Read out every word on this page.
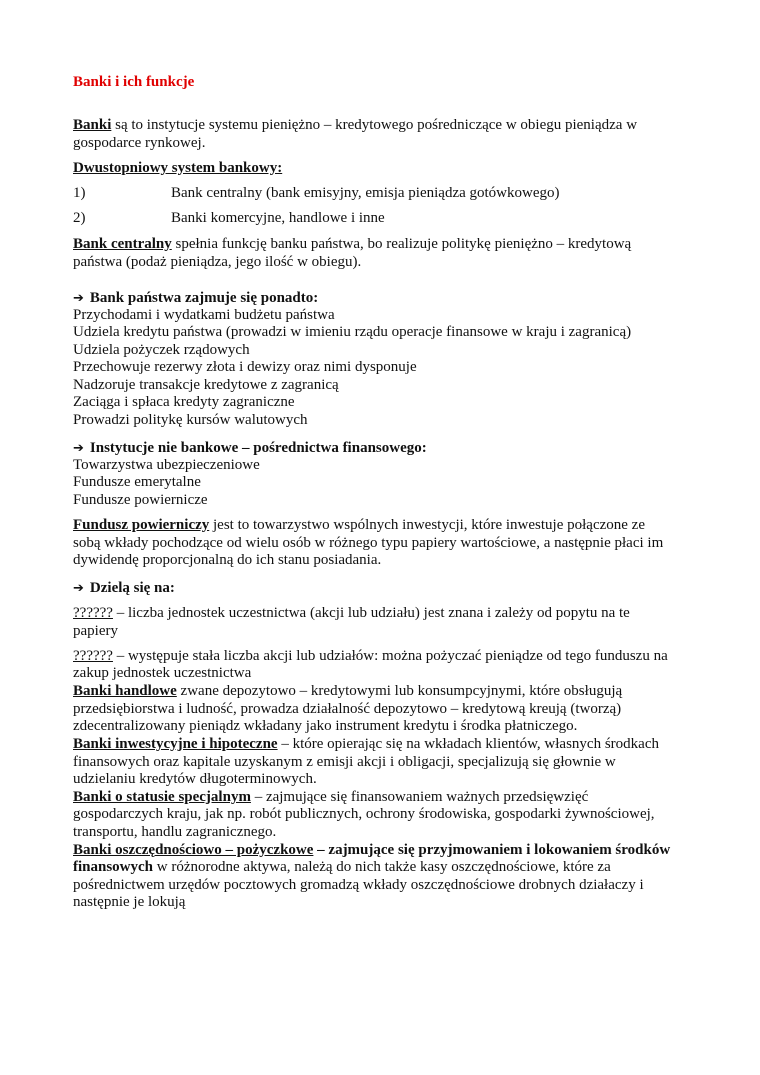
Banki i ich funkcje
Banki są to instytucje systemu pieniężno – kredytowego pośredniczące w obiegu pieniądza w
gospodarce rynkowej.
Dwustopniowy system bankowy:
1)	Bank centralny (bank emisyjny, emisja pieniądza gotówkowego)
2)	Banki komercyjne, handlowe i inne
Bank centralny spełnia funkcję banku państwa, bo realizuje politykę pieniężno – kredytową
państwa (podaż pieniądza, jego ilość w obiegu).
➔ Bank państwa zajmuje się ponadto:
Przychodami i wydatkami budżetu państwa
Udziela kredytu państwa (prowadzi w imieniu rządu operacje finansowe w kraju i zagranicą)
Udziela pożyczek rządowych
Przechowuje rezerwy złota i dewizy oraz nimi dysponuje
Nadzoruje transakcje kredytowe z zagranicą
Zaciąga i spłaca kredyty zagraniczne
Prowadzi politykę kursów walutowych
➔ Instytucje nie bankowe – pośrednictwa finansowego:
Towarzystwa ubezpieczeniowe
Fundusze emerytalne
Fundusze powiernicze
Fundusz powierniczy jest to towarzystwo wspólnych inwestycji, które inwestuje połączone ze
sobą wkłady pochodzące od wielu osób w różnego typu papiery wartościowe, a następnie płaci im
dywidendę proporcjonalną do ich stanu posiadania.
➔ Dzielą się na:
?????? – liczba jednostek uczestnictwa (akcji lub udziału) jest znana i zależy od popytu na te
papiery
?????? – występuje stała liczba akcji lub udziałów: można pożyczać pieniądze od tego funduszu na
zakup jednostek uczestnictwa
Banki handlowe zwane depozytowo – kredytowymi lub konsumpcyjnymi, które obsługują
przedsiębiorstwa i ludność, prowadza działalność depozytowo – kredytową kreują (tworzą)
zdecentralizowany pieniądz wkładany jako instrument kredytu i środka płatniczego.
Banki inwestycyjne i hipoteczne – które opierając się na wkładach klientów, własnych środkach
finansowych oraz kapitale uzyskanym z emisji akcji i obligacji, specjalizują się głownie w
udzielaniu kredytów długoterminowych.
Banki o statusie specjalnym – zajmujące się finansowaniem ważnych przedsięwzięć
gospodarczych kraju, jak np. robót publicznych, ochrony środowiska, gospodarki żywnościowej,
transportu, handlu zagranicznego.
Banki oszczędnościowo – pożyczkowe – zajmujące się przyjmowaniem i lokowaniem środków
finansowych w różnorodne aktywa, należą do nich także kasy oszczędnościowe, które za
pośrednictwem urzędów pocztowych gromadzą wkłady oszczędnościowe drobnych działaczy i
następnie je lokują
